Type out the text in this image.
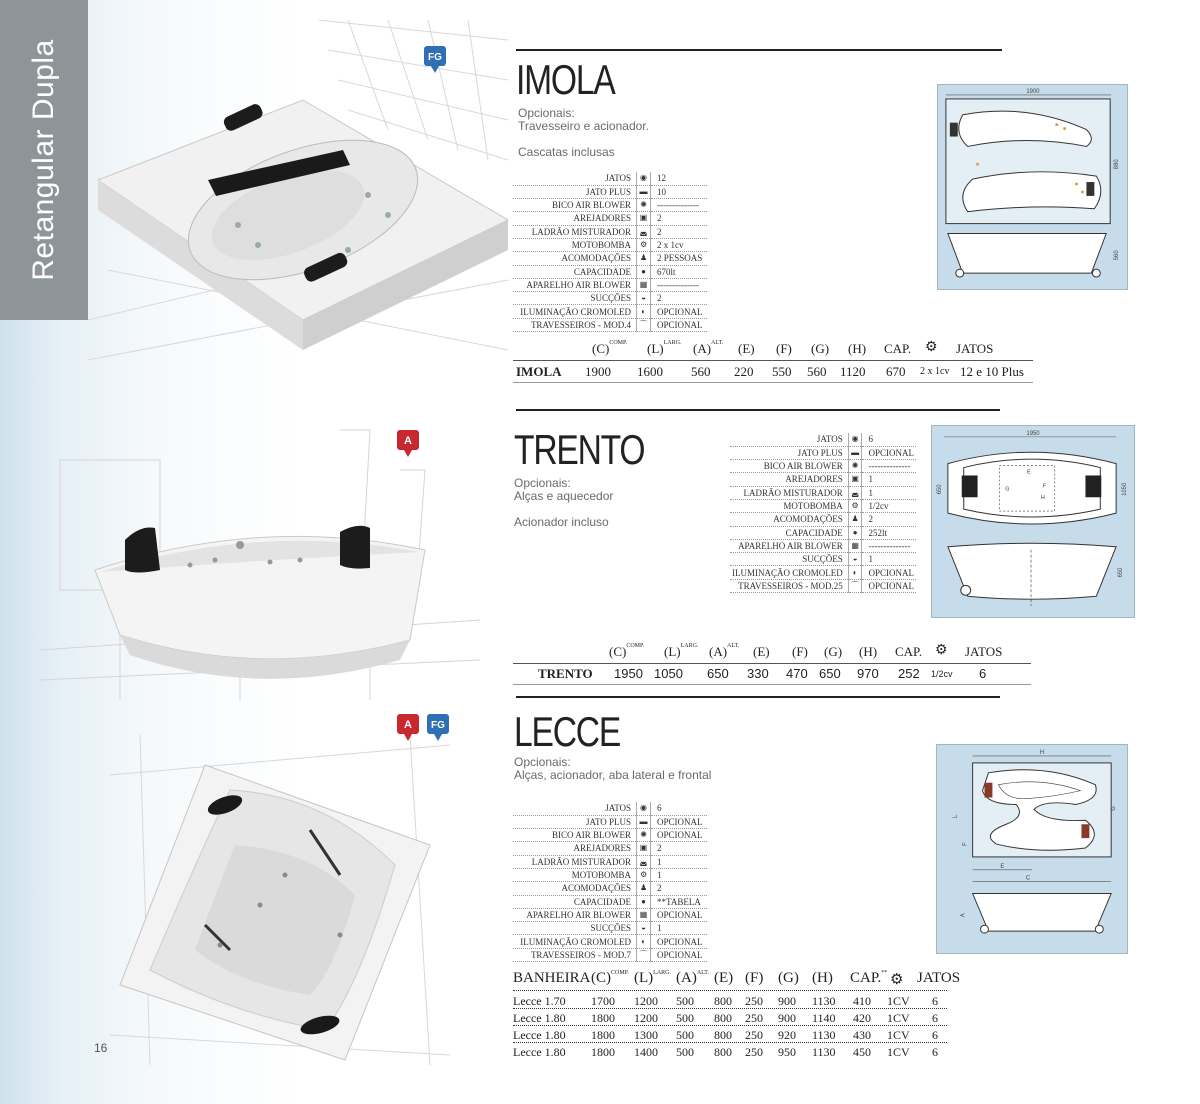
Retangular Dupla
16
FG
A
A FG
IMOLA
Opcionais:
Travesseiro e acionador.

Cascatas inclusas
JATOS	◉	12
JATO PLUS	▬	10
BICO AIR BLOWER	✺	--------------
AREJADORES	▣	2
LADRÃO MISTURADOR	◛	2
MOTOBOMBA	⚙	2 x 1cv
ACOMODAÇÕES	♟	2 PESSOAS
CAPACIDADE	●	670lt
APARELHO AIR BLOWER	▦	--------------
SUCÇÕES	◒	2
ILUMINAÇÃO CROMOLED	◐	OPCIONAL
TRAVESSEIROS - MOD.4	⌒	OPCIONAL
$(C)^{COMP.}$ $(L)^{LARG.}$ $(A)^{ALT.}$ (E) (F) (G) (H) CAP. ⚙ JATOS
IMOLA 1900 1600 560 220 550 560 1120 670 2 x 1cv 12 e 10 Plus
1900
880
560
TRENTO
Opcionais:
Alças e aquecedor

Acionador incluso
JATOS	◉	6
JATO PLUS	▬	OPCIONAL
BICO AIR BLOWER	✺	--------------
AREJADORES	▣	1
LADRÃO MISTURADOR	◛	1
MOTOBOMBA	⚙	1/2cv
ACOMODAÇÕES	♟	2
CAPACIDADE	●	252lt
APARELHO AIR BLOWER	▦	--------------
SUCÇÕES	◒	1
ILUMINAÇÃO CROMOLED	◐	OPCIONAL
TRAVESSEIROS - MOD.25	⌒	OPCIONAL
$(C)^{COMP.}$ $(L)^{LARG.}$ $(A)^{ALT.}$ (E) (F) (G) (H) CAP. ⚙ JATOS
TRENTO 1950 1050 650 330 470 650 970 252 1/2cv 6
1950
E
F
G
H
650	1050
650
LECCE
Opcionais:
Alças, acionador, aba lateral e frontal
JATOS	◉	6
JATO PLUS	▬	OPCIONAL
BICO AIR BLOWER	✺	OPCIONAL
AREJADORES	▣	2
LADRÃO MISTURADOR	◛	1
MOTOBOMBA	⚙	1
ACOMODAÇÕES	♟	2
CAPACIDADE	●	**TABELA
APARELHO AIR BLOWER	▦	OPCIONAL
SUCÇÕES	◒	1
ILUMINAÇÃO CROMOLED	◐	OPCIONAL
TRAVESSEIROS - MOD.7	⌒	OPCIONAL
H
G
L
F
E
C
A
BANHEIRA $(C)^{COMP.}$ $(L)^{LARG.}$ $(A)^{ALT.}$ (E) (F) (G) (H) CAP.** ⚙ JATOS
Lecce 1.70 1700 1200 500 800 250 900 1130 410 1CV 6
Lecce 1.80 1800 1200 500 800 250 900 1140 420 1CV 6
Lecce 1.80 1800 1300 500 800 250 920 1130 430 1CV 6
Lecce 1.80 1800 1400 500 800 250 950 1130 450 1CV 6
